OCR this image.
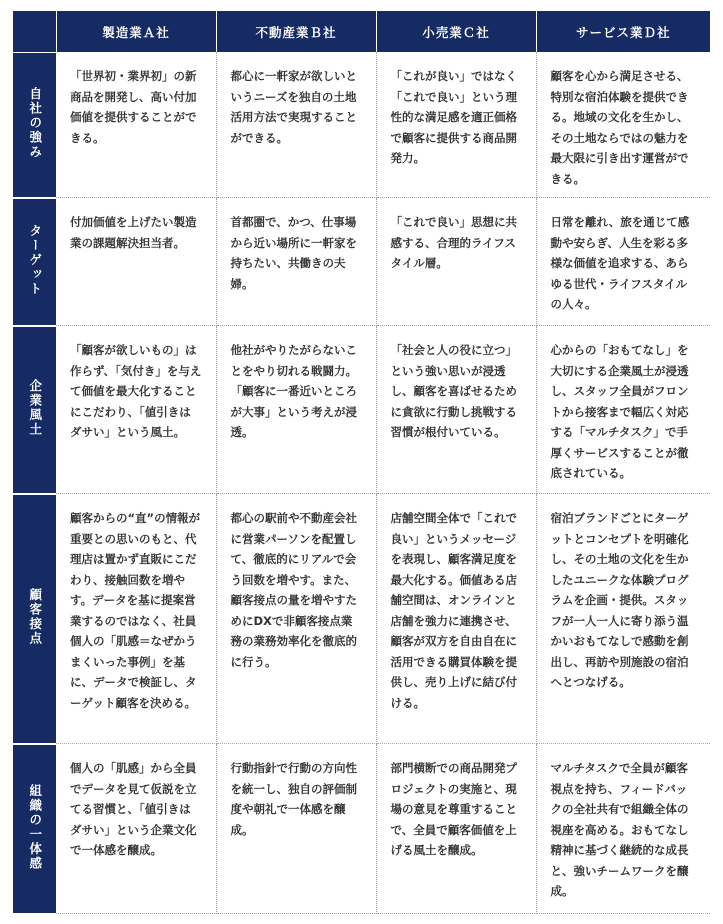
	製造業Ａ社	不動産業Ｂ社	小売業Ｃ社	サービス業Ｄ社
自社の強み	「世界初・業界初」の新商品を開発し、高い付加価値を提供することができる。	都心に一軒家が欲しいというニーズを独自の土地活用方法で実現することができる。	「これが良い」ではなく「これで良い」という理性的な満足感を適正価格で顧客に提供する商品開発力。	顧客を心から満足させる、特別な宿泊体験を提供できる。地域の文化を生かし、その土地ならではの魅力を最大限に引き出す運営ができる。
ターゲット	付加価値を上げたい製造業の課題解決担当者。	首都圏で、かつ、仕事場から近い場所に一軒家を持ちたい、共働きの夫婦。	「これで良い」思想に共感する、合理的ライフスタイル層。	日常を離れ、旅を通じて感動や安らぎ、人生を彩る多様な価値を追求する、あらゆる世代・ライフスタイルの人々。
企業風土	「顧客が欲しいもの」は作らず、「気付き」を与えて価値を最大化することにこだわり、「値引きはダサい」という風土。	他社がやりたがらないことをやり切れる戦闘力。「顧客に一番近いところが大事」という考えが浸透。	「社会と人の役に立つ」という強い思いが浸透し、顧客を喜ばせるために貪欲に行動し挑戦する習慣が根付いている。	心からの「おもてなし」を大切にする企業風土が浸透し、スタッフ全員がフロントから接客まで幅広く対応する「マルチタスク」で手厚くサービスすることが徹底されている。
顧客接点	顧客からの“直”の情報が重要との思いのもと、代理店は置かず直販にこだわり、接触回数を増やす。データを基に提案営業するのではなく、社員個人の「肌感＝なぜかうまくいった事例」を基に、データで検証し、ターゲット顧客を決める。	都心の駅前や不動産会社に営業パーソンを配置して、徹底的にリアルで会う回数を増やす。また、顧客接点の量を増やすためにDXで非顧客接点業務の業務効率化を徹底的に行う。	店舗空間全体で「これで良い」というメッセージを表現し、顧客満足度を最大化する。価値ある店舗空間は、オンラインと店舗を強力に連携させ、顧客が双方を自由自在に活用できる購買体験を提供し、売り上げに結び付ける。	宿泊ブランドごとにターゲットとコンセプトを明確化し、その土地の文化を生かしたユニークな体験プログラムを企画・提供。スタッフが一人一人に寄り添う温かいおもてなしで感動を創出し、再訪や別施設の宿泊へとつなげる。
組織の一体感	個人の「肌感」から全員でデータを見て仮説を立てる習慣と、「値引きはダサい」という企業文化で一体感を醸成。	行動指針で行動の方向性を統一し、独自の評価制度や朝礼で一体感を醸成。	部門横断での商品開発プロジェクトの実施と、現場の意見を尊重することで、全員で顧客価値を上げる風土を醸成。	マルチタスクで全員が顧客視点を持ち、フィードバックの全社共有で組織全体の視座を高める。おもてなし精神に基づく継続的な成長と、強いチームワークを醸成。
